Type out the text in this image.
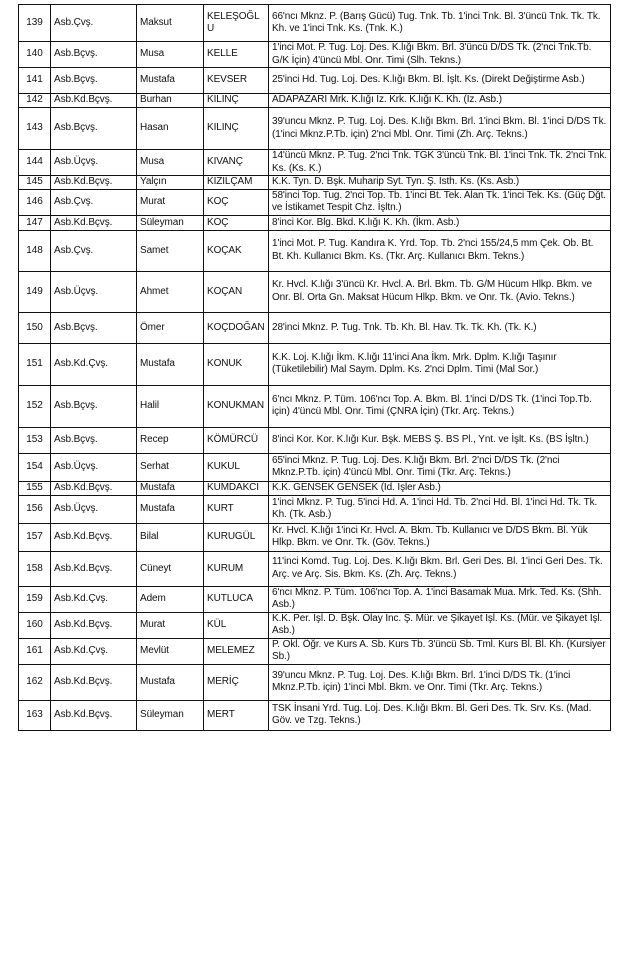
139	Asb.Çvş.	Maksut	KELEŞOĞLU	66'ncı Mknz. P. (Barış Gücü) Tug. Tnk. Tb. 1'inci Tnk. Bl. 3'üncü Tnk. Tk. Tk. Kh. ve 1'inci Tnk. Ks. (Tnk. K.)
140	Asb.Bçvş.	Musa	KELLE	1'inci Mot. P. Tug. Loj. Des. K.lığı Bkm. Brl. 3'üncü D/DS Tk. (2'nci Tnk.Tb. G/K İçin) 4'üncü Mbl. Onr. Timi (Slh. Tekns.)
141	Asb.Bçvş.	Mustafa	KEVSER	25'inci Hd. Tug. Loj. Des. K.lığı Bkm. Bl. İşlt. Ks. (Direkt Değiştirme Asb.)
142	Asb.Kd.Bçvş.	Burhan	KILINÇ	ADAPAZARI Mrk. K.lığı İz. Krk. K.lığı K. Kh. (İz. Asb.)
143	Asb.Bçvş.	Hasan	KILINÇ	39'uncu Mknz. P. Tug. Loj. Des. K.lığı Bkm. Brl. 1'inci Bkm. Bl. 1'inci D/DS Tk. (1'inci Mknz.P.Tb. için) 2'nci Mbl. Onr. Timi (Zh. Arç. Tekns.)
144	Asb.Üçvş.	Musa	KIVANÇ	14'üncü Mknz. P. Tug. 2'nci Tnk. TGK 3'üncü Tnk. Bl. 1'inci Tnk. Tk. 2'nci Tnk. Ks. (Ks. K.)
145	Asb.Kd.Bçvş.	Yalçın	KIZILÇAM	K.K. Tyn. D. Bşk. Muharip Syt. Tyn. Ş. İsth. Ks. (Ks. Asb.)
146	Asb.Çvş.	Murat	KOÇ	58'inci Top. Tug. 2'nci Top. Tb. 1'inci Bt. Tek. Alan Tk. 1'inci Tek. Ks. (Güç Dğt. ve İstikamet Tespit Chz. İşltn.)
147	Asb.Kd.Bçvş.	Süleyman	KOÇ	8'inci Kor. Blg. Bkd. K.lığı K. Kh. (İkm. Asb.)
148	Asb.Çvş.	Samet	KOÇAK	1'inci Mot. P. Tug. Kandıra K. Yrd. Top. Tb. 2'nci 155/24,5 mm Çek. Ob. Bt. Bt. Kh. Kullanıcı Bkm. Ks. (Tkr. Arç. Kullanıcı Bkm. Tekns.)
149	Asb.Üçvş.	Ahmet	KOÇAN	Kr. Hvcl. K.lığı 3'üncü Kr. Hvcl. A. Brl. Bkm. Tb. G/M Hücum Hlkp. Bkm. ve Onr. Bl. Orta Gn. Maksat Hücum Hlkp. Bkm. ve Onr. Tk. (Avio. Tekns.)
150	Asb.Bçvş.	Ömer	KOÇDOĞAN	28'inci Mknz. P. Tug. Tnk. Tb. Kh. Bl. Hav. Tk. Tk. Kh. (Tk. K.)
151	Asb.Kd.Çvş.	Mustafa	KONUK	K.K. Loj. K.lığı İkm. K.lığı 11'inci Ana İkm. Mrk. Dplm. K.lığı Taşınır (Tüketilebilir) Mal Saym. Dplm. Ks. 2'nci Dplm. Timi (Mal Sor.)
152	Asb.Bçvş.	Halil	KONUKMAN	6'ncı Mknz. P. Tüm. 106'ncı Top. A. Bkm. Bl. 1'inci D/DS Tk. (1'inci Top.Tb. için) 4'üncü Mbl. Onr. Timi (ÇNRA İçin) (Tkr. Arç. Tekns.)
153	Asb.Bçvş.	Recep	KÖMÜRCÜ	8'inci Kor. Kor. K.lığı Kur. Bşk. MEBS Ş. BS Pl., Ynt. ve İşlt. Ks. (BS İşltn.)
154	Asb.Üçvş.	Serhat	KUKUL	65'inci Mknz. P. Tug. Loj. Des. K.lığı Bkm. Brl. 2'nci D/DS Tk. (2'nci Mknz.P.Tb. için) 4'üncü Mbl. Onr. Timi (Tkr. Arç. Tekns.)
155	Asb.Kd.Bçvş.	Mustafa	KUMDAKCI	K.K. GENSEK GENSEK (İd. İşler Asb.)
156	Asb.Üçvş.	Mustafa	KURT	1'inci Mknz. P. Tug. 5'inci Hd. A. 1'inci Hd. Tb. 2'nci Hd. Bl. 1'inci Hd. Tk. Tk. Kh. (Tk. Asb.)
157	Asb.Kd.Bçvş.	Bilal	KURUGÜL	Kr. Hvcl. K.lığı 1'inci Kr. Hvcl. A. Bkm. Tb. Kullanıcı ve D/DS Bkm. Bl. Yük Hlkp. Bkm. ve Onr. Tk. (Göv. Tekns.)
158	Asb.Kd.Bçvş.	Cüneyt	KURUM	11'inci Komd. Tug. Loj. Des. K.lığı Bkm. Brl. Geri Des. Bl. 1'inci Geri Des. Tk. Arç. ve Arç. Sis. Bkm. Ks. (Zh. Arç. Tekns.)
159	Asb.Kd.Çvş.	Adem	KUTLUCA	6'ncı Mknz. P. Tüm. 106'ncı Top. A. 1'inci Basamak Mua. Mrk. Ted. Ks. (Shh. Asb.)
160	Asb.Kd.Bçvş.	Murat	KÜL	K.K. Per. İşl. D. Bşk. Olay İnc. Ş. Mür. ve Şikayet İşl. Ks. (Mür. ve Şikayet İşl. Asb.)
161	Asb.Kd.Çvş.	Mevlüt	MELEMEZ	P. Okl. Öğr. ve Kurs A. Sb. Kurs Tb. 3'üncü Sb. Tml. Kurs Bl. Bl. Kh. (Kursiyer Sb.)
162	Asb.Kd.Bçvş.	Mustafa	MERİÇ	39'uncu Mknz. P. Tug. Loj. Des. K.lığı Bkm. Brl. 1'inci D/DS Tk. (1'inci Mknz.P.Tb. için) 1'inci Mbl. Bkm. ve Onr. Timi (Tkr. Arç. Tekns.)
163	Asb.Kd.Bçvş.	Süleyman	MERT	TSK İnsani Yrd. Tug. Loj. Des. K.lığı Bkm. Bl. Geri Des. Tk. Srv. Ks. (Mad. Göv. ve Tzg. Tekns.)
